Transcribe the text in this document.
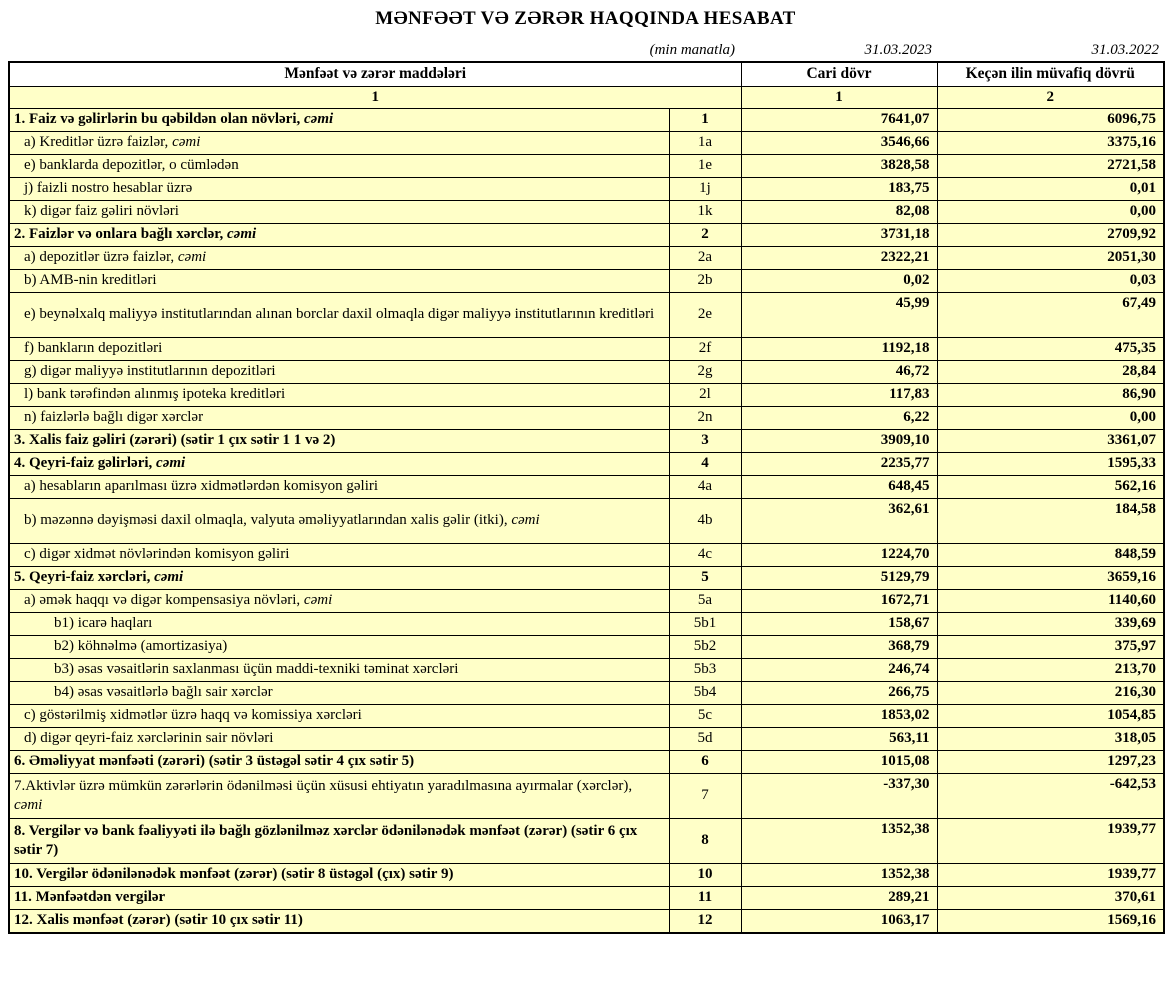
MƏNFƏƏT VƏ ZƏRƏR HAQQINDA HESABAT
(min manatla)	31.03.2023	31.03.2022
Mənfəət və zərər maddələri		Cari dövr	Keçən ilin müvafiq dövrü
1		1	2
1. Faiz və gəlirlərin bu qəbildən olan növləri, cəmi	1	7641,07	6096,75
a) Kreditlər üzrə faizlər, cəmi	1a	3546,66	3375,16
e) banklarda depozitlər, o cümlədən	1e	3828,58	2721,58
j) faizli nostro hesablar üzrə	1j	183,75	0,01
k) digər faiz gəliri növləri	1k	82,08	0,00
2. Faizlər və onlara bağlı xərclər, cəmi	2	3731,18	2709,92
a) depozitlər üzrə faizlər, cəmi	2a	2322,21	2051,30
b) AMB-nin kreditləri	2b	0,02	0,03
e) beynəlxalq maliyyə institutlarından alınan borclar daxil olmaqla digər maliyyə institutlarının kreditləri	2e	45,99	67,49
f) bankların depozitləri	2f	1192,18	475,35
g) digər maliyyə institutlarının depozitləri	2g	46,72	28,84
l) bank tərəfindən alınmış ipoteka kreditləri	2l	117,83	86,90
n) faizlərlə bağlı digər xərclər	2n	6,22	0,00
3. Xalis faiz gəliri (zərəri) (sətir 1 çıx sətir 1 1 və 2)	3	3909,10	3361,07
4. Qeyri-faiz gəlirləri, cəmi	4	2235,77	1595,33
a) hesabların aparılması üzrə xidmətlərdən komisyon gəliri	4a	648,45	562,16
b) məzənnə dəyişməsi daxil olmaqla, valyuta əməliyyatlarından xalis gəlir (itki), cəmi	4b	362,61	184,58
c) digər xidmət növlərindən komisyon gəliri	4c	1224,70	848,59
5. Qeyri-faiz xərcləri, cəmi	5	5129,79	3659,16
a) əmək haqqı və digər kompensasiya növləri, cəmi	5a	1672,71	1140,60
b1) icarə haqları	5b1	158,67	339,69
b2) köhnəlmə (amortizasiya)	5b2	368,79	375,97
b3) əsas vəsaitlərin saxlanması üçün maddi-texniki təminat xərcləri	5b3	246,74	213,70
b4) əsas vəsaitlərlə bağlı sair xərclər	5b4	266,75	216,30
c) göstərilmiş xidmətlər üzrə haqq və komissiya xərcləri	5c	1853,02	1054,85
d) digər qeyri-faiz xərclərinin sair növləri	5d	563,11	318,05
6. Əməliyyat mənfəəti (zərəri) (sətir 3 üstəgəl sətir 4 çıx sətir 5)	6	1015,08	1297,23
7.Aktivlər üzrə mümkün zərərlərin ödənilməsi üçün xüsusi ehtiyatın yaradılmasına ayırmalar (xərclər), cəmi	7	-337,30	-642,53
8. Vergilər və bank fəaliyyəti ilə bağlı gözlənilməz xərclər ödənilənədək mənfəət (zərər) (sətir 6 çıx sətir 7)	8	1352,38	1939,77
10. Vergilər ödənilənədək mənfəət (zərər) (sətir 8 üstəgəl (çıx) sətir 9)	10	1352,38	1939,77
11. Mənfəətdən vergilər	11	289,21	370,61
12. Xalis mənfəət (zərər) (sətir 10 çıx sətir 11)	12	1063,17	1569,16
